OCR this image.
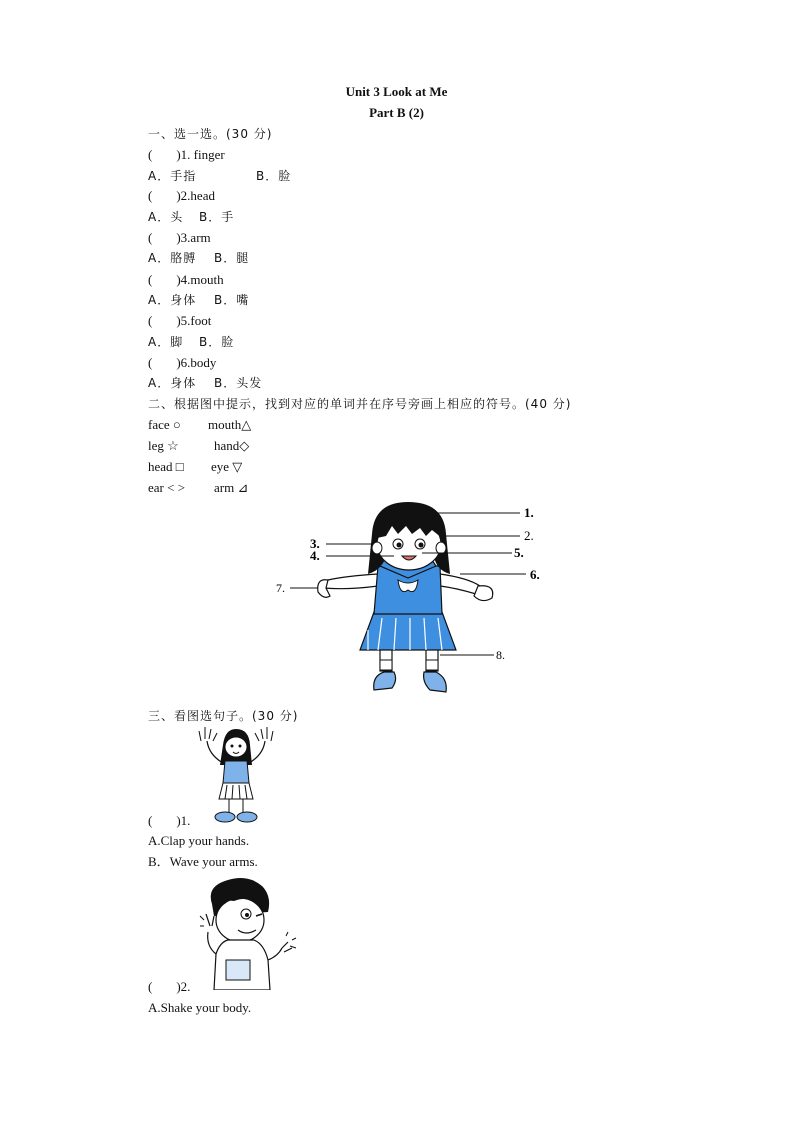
Unit 3 Look at Me
Part B (2)
一、选一选。(30 分)
( )1. finger
A．手指	B．脸
( )2.head
A．头 B．手
( )3.arm
A．胳膊 B．腿
( )4.mouth
A．身体 B．嘴
( )5.foot
A．脚 B．脸
( )6.body
A．身体 B．头发
二、根据图中提示，找到对应的单词并在序号旁画上相应的符号。(40 分)
face ○ mouth△
leg ☆	hand◇
head □ eye ▽
ear < > arm ⊿
1.
2.
3.
4.	5.
6.
7.
8.
三、看图选句子。(30 分)
( )1.
A.Clap your hands.
B．Wave your arms.
( )2.
A.Shake your body.
